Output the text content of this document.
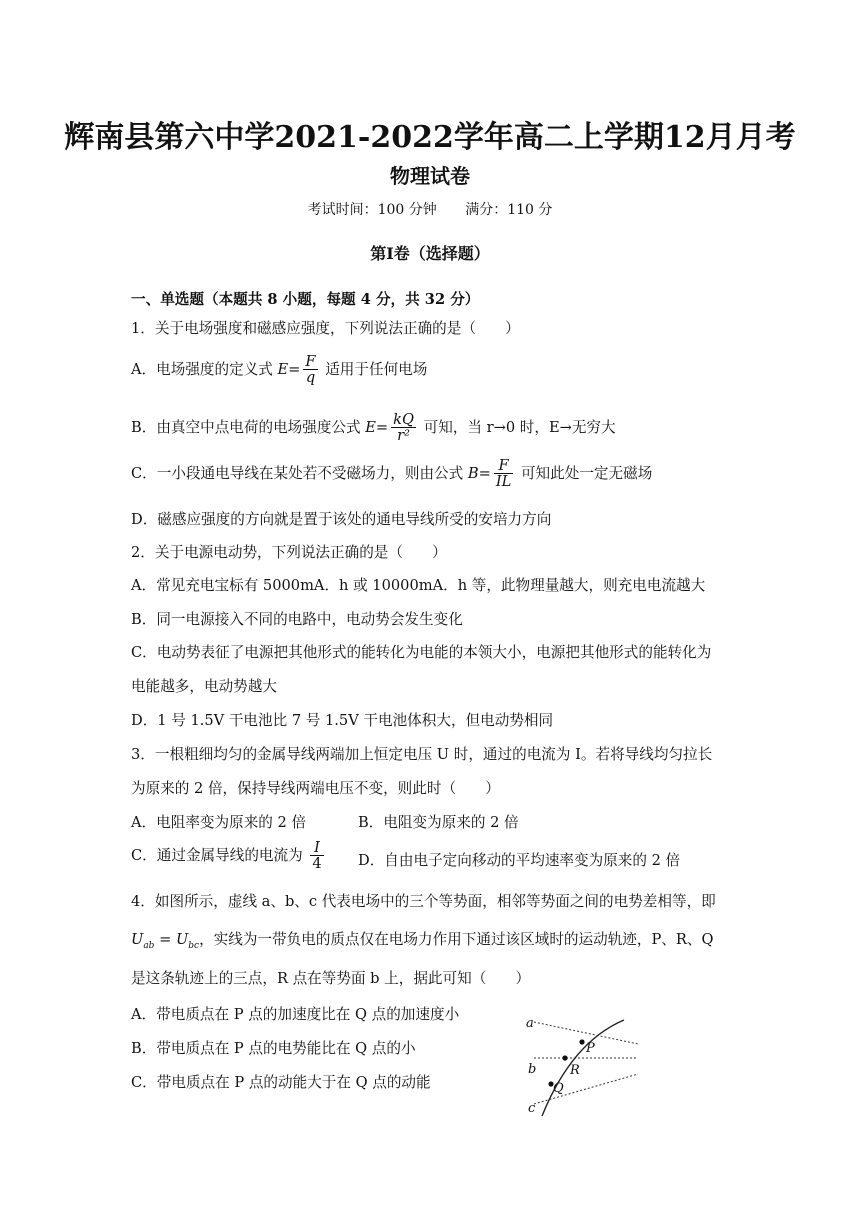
辉南县第六中学2021-2022学年高二上学期12月月考
物理试卷
考试时间：100 分钟 满分：110 分
第Ⅰ卷（选择题）
一、单选题（本题共 8 小题，每题 4 分，共 32 分）
1．关于电场强度和磁感应强度，下列说法正确的是（　　）
A．电场强度的定义式 $E= \frac{F}{q}$ 适用于任何电场
B．由真空中点电荷的电场强度公式 $E= \frac{kQ}{\text{r²}}$ 可知，当 r→0 时，E→无穷大
C．一小段通电导线在某处若不受磁场力，则由公式 $B= \frac{F}{IL}$ 可知此处一定无磁场
D．磁感应强度的方向就是置于该处的通电导线所受的安培力方向
2．关于电源电动势，下列说法正确的是（　　）
A．常见充电宝标有 5000mA．h 或 10000mA．h 等，此物理量越大，则充电电流越大
B．同一电源接入不同的电路中，电动势会发生变化
C．电动势表征了电源把其他形式的能转化为电能的本领大小，电源把其他形式的能转化为
电能越多，电动势越大
D．1 号 1.5V 干电池比 7 号 1.5V 干电池体积大，但电动势相同
3．一根粗细均匀的金属导线两端加上恒定电压 U 时，通过的电流为 I。若将导线均匀拉长
为原来的 2 倍，保持导线两端电压不变，则此时（　　）
A．电阻率变为原来的 2 倍	B．电阻变为原来的 2 倍
C．通过金属导线的电流为 $\frac{I}{4}$ D．自由电子定向移动的平均速率变为原来的 2 倍
4．如图所示，虚线 a、b、c 代表电场中的三个等势面，相邻等势面之间的电势差相等，即
$U_{ab} = U_{bc}$，实线为一带负电的质点仅在电场力作用下通过该区域时的运动轨迹，P、R、Q
是这条轨迹上的三点，R 点在等势面 b 上，据此可知（　　）
A．带电质点在 P 点的加速度比在 Q 点的加速度小
B．带电质点在 P 点的电势能比在 Q 点的小
C．带电质点在 P 点的动能大于在 Q 点的动能
a
b
c
P
R
Q
